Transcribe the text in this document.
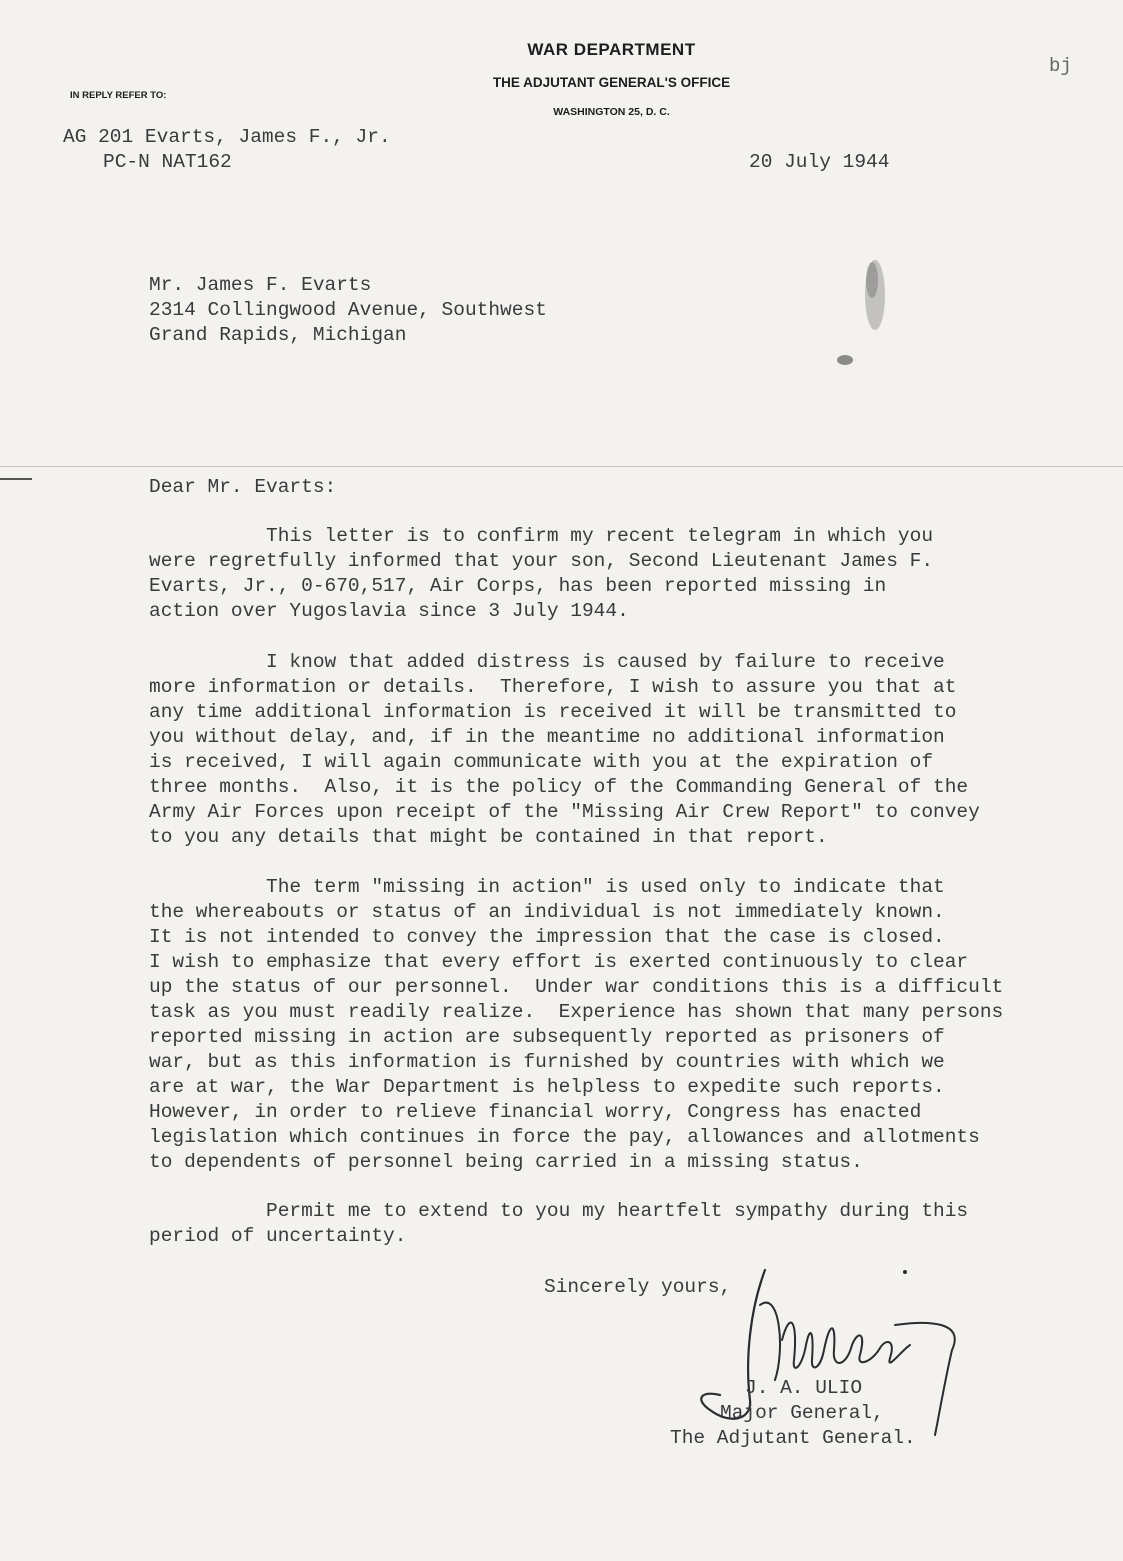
WAR DEPARTMENT
THE ADJUTANT GENERAL'S OFFICE
WASHINGTON 25, D. C.
IN REPLY REFER TO:
bj
AG 201 Evarts, James F., Jr.
PC-N NAT162	20 July 1944
Mr. James F. Evarts
2314 Collingwood Avenue, Southwest
Grand Rapids, Michigan
Dear Mr. Evarts:
This letter is to confirm my recent telegram in which you
were regretfully informed that your son, Second Lieutenant James F.
Evarts, Jr., 0-670,517, Air Corps, has been reported missing in
action over Yugoslavia since 3 July 1944.
I know that added distress is caused by failure to receive
more information or details.  Therefore, I wish to assure you that at
any time additional information is received it will be transmitted to
you without delay, and, if in the meantime no additional information
is received, I will again communicate with you at the expiration of
three months.  Also, it is the policy of the Commanding General of the
Army Air Forces upon receipt of the "Missing Air Crew Report" to convey
to you any details that might be contained in that report.
The term "missing in action" is used only to indicate that
the whereabouts or status of an individual is not immediately known.
It is not intended to convey the impression that the case is closed.
I wish to emphasize that every effort is exerted continuously to clear
up the status of our personnel.  Under war conditions this is a difficult
task as you must readily realize.  Experience has shown that many persons
reported missing in action are subsequently reported as prisoners of
war, but as this information is furnished by countries with which we
are at war, the War Department is helpless to expedite such reports.
However, in order to relieve financial worry, Congress has enacted
legislation which continues in force the pay, allowances and allotments
to dependents of personnel being carried in a missing status.
Permit me to extend to you my heartfelt sympathy during this
period of uncertainty.
Sincerely yours,
J. A. ULIO
Major General,
The Adjutant General.
